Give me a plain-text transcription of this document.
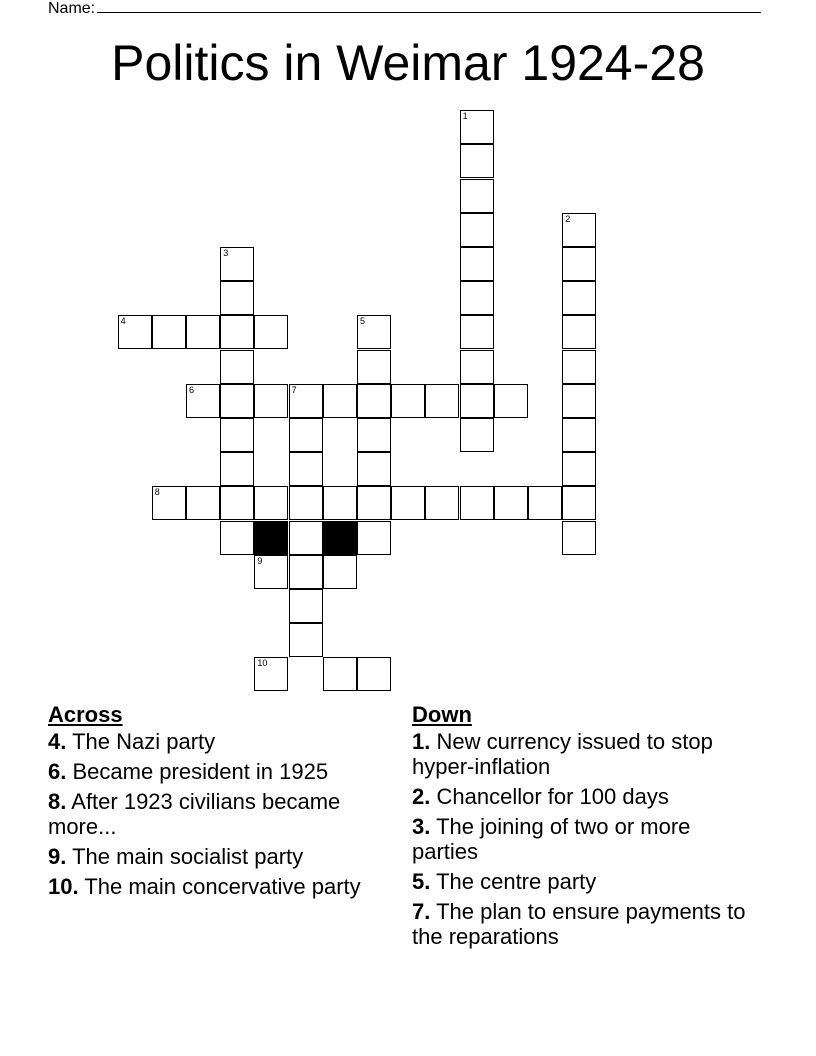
Name:
Politics in Weimar 1924-28
1
2
3
4	5
6	7
8
9
10
Across
4. The Nazi party
6. Became president in 1925
8. After 1923 civilians became more...
9. The main socialist party
10. The main concervative party
Down
1. New currency issued to stop hyper-inflation
2. Chancellor for 100 days
3. The joining of two or more parties
5. The centre party
7. The plan to ensure payments to the reparations
